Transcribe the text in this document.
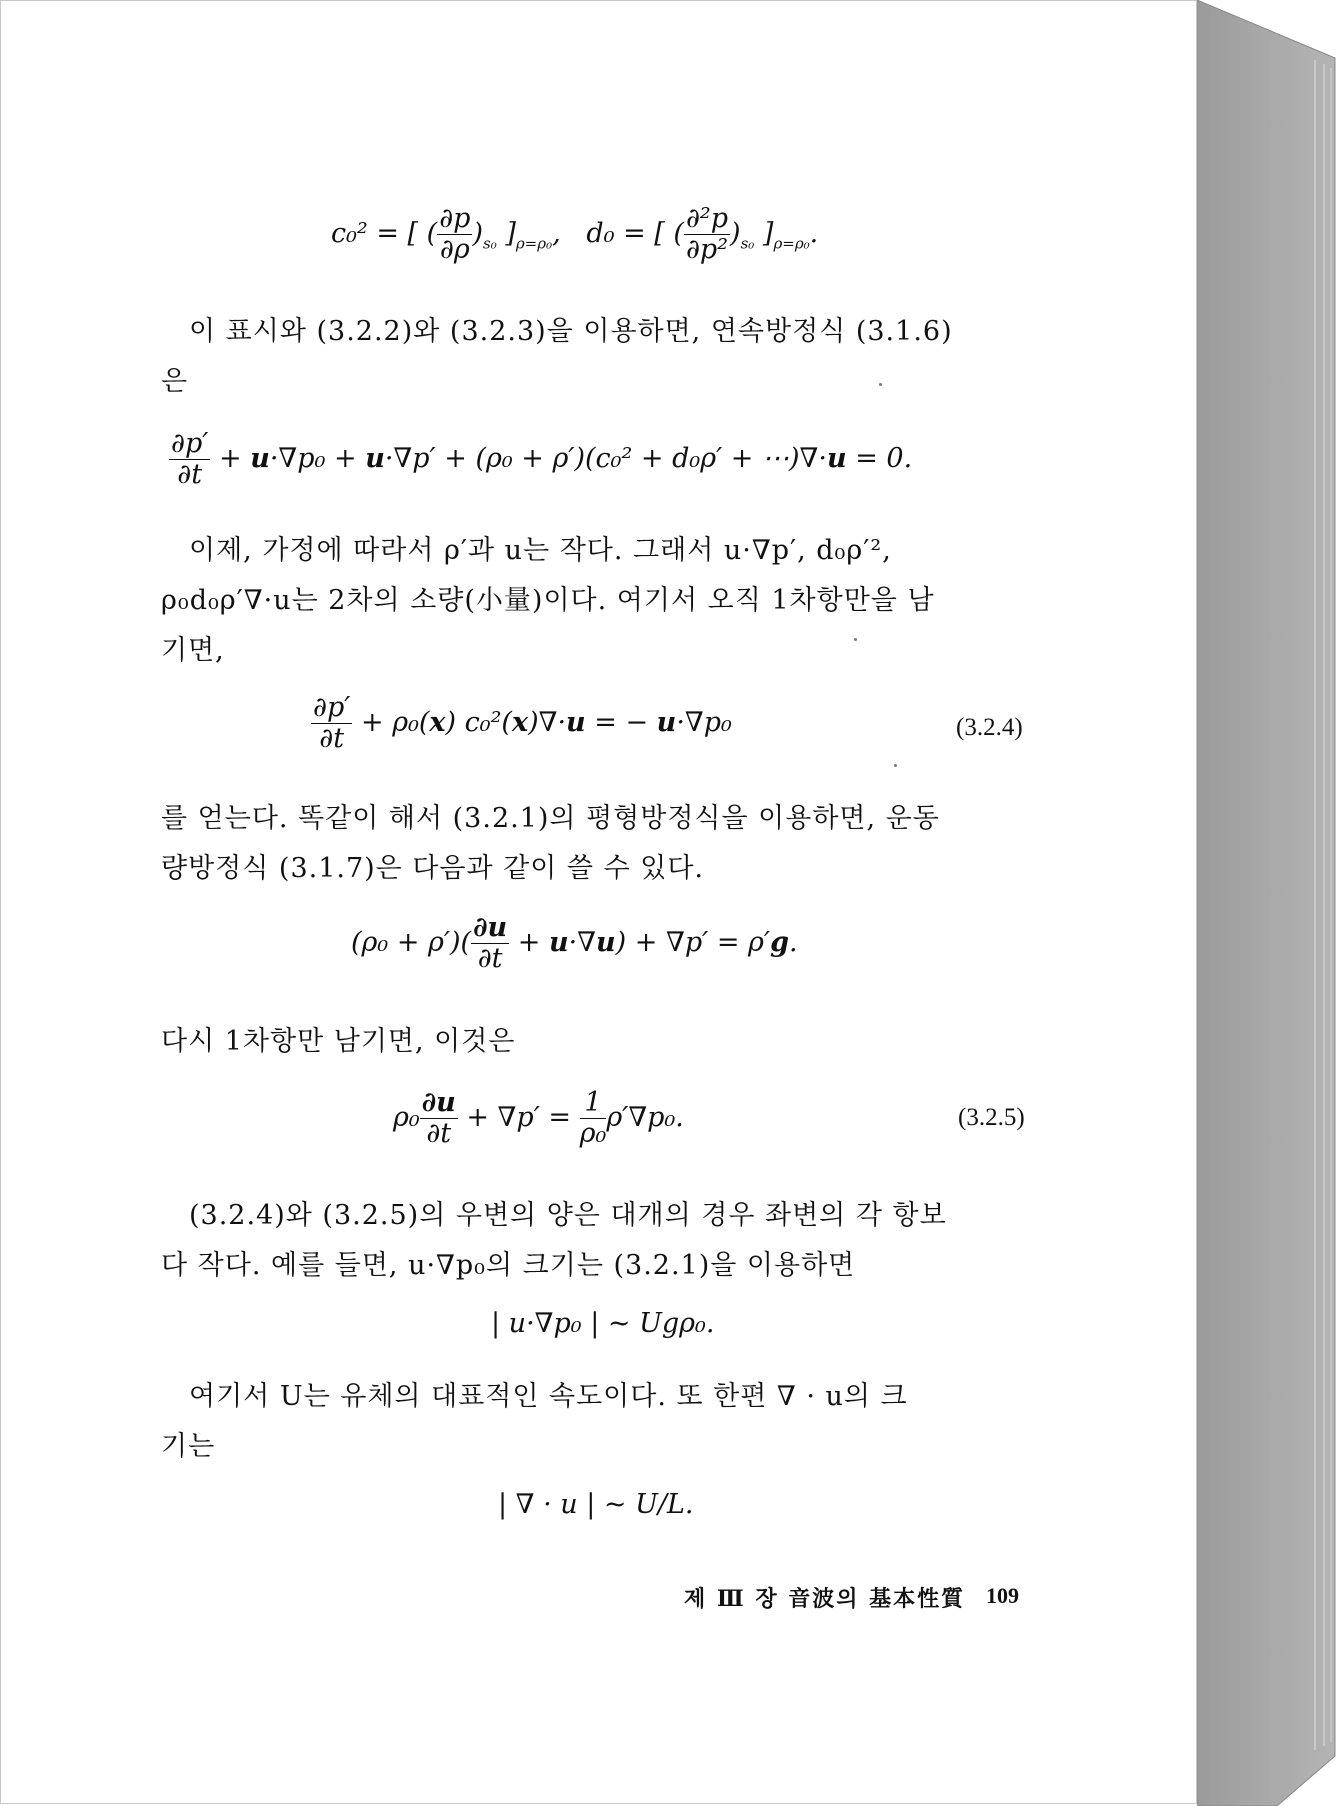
c₀² = [ ( $\frac{\partial p}{\partial\rho} )_{s_0}$ ]$_{\rho=\rho_0}$,   d₀ = [ ( $\frac{\text{∂²p}}{\text{∂p²}} )_{s_0}$ ]$_{\rho=\rho_0}$.
이 표시와 (3.2.2)와 (3.2.3)을 이용하면, 연속방정식 (3.1.6)
은
$\frac{\partial p'}{\partial t} + u\cdot\nabla p_0 + u\cdot\nabla p' + (\rho_0 + \rho')(c_0^2 + d_0\rho'$ + ⋯)∇·u = 0.
이제, 가정에 따라서 ρ′과 u는 작다. 그래서 u·∇p′, d₀ρ′²,
ρ₀d₀ρ′∇·u는 2차의 소량(小量)이다. 여기서 오직 1차항만을 남
기면,
$\frac{\partial p'}{\partial t} + \rho_0(x) c_0^2(x)\nabla\cdot u$ = − u·∇p₀	(3.2.4)
를 얻는다. 똑같이 해서 (3.2.1)의 평형방정식을 이용하면, 운동
량방정식 (3.1.7)은 다음과 같이 쓸 수 있다.
$(\rho_0 + \rho')( \frac{\partial u}{\partial t} + u\cdot\nabla u) + \nabla p' = \rho'g$.
다시 1차항만 남기면, 이것은
$\rho_0 \frac{\partial u}{\partial t} + \nabla p' = \frac{1}{\text{ρ₀}} \rho'\nabla p_0$.	(3.2.5)
(3.2.4)와 (3.2.5)의 우변의 양은 대개의 경우 좌변의 각 항보
다 작다. 예를 들면, u·∇p₀의 크기는 (3.2.1)을 이용하면
| u·∇p₀ | ~ Ugρ₀.
여기서 U는 유체의 대표적인 속도이다. 또 한편 ∇ · u의 크
기는
| ∇ · u | ~ U/L.
제 Ⅲ 장 音波의 基本性質 109
